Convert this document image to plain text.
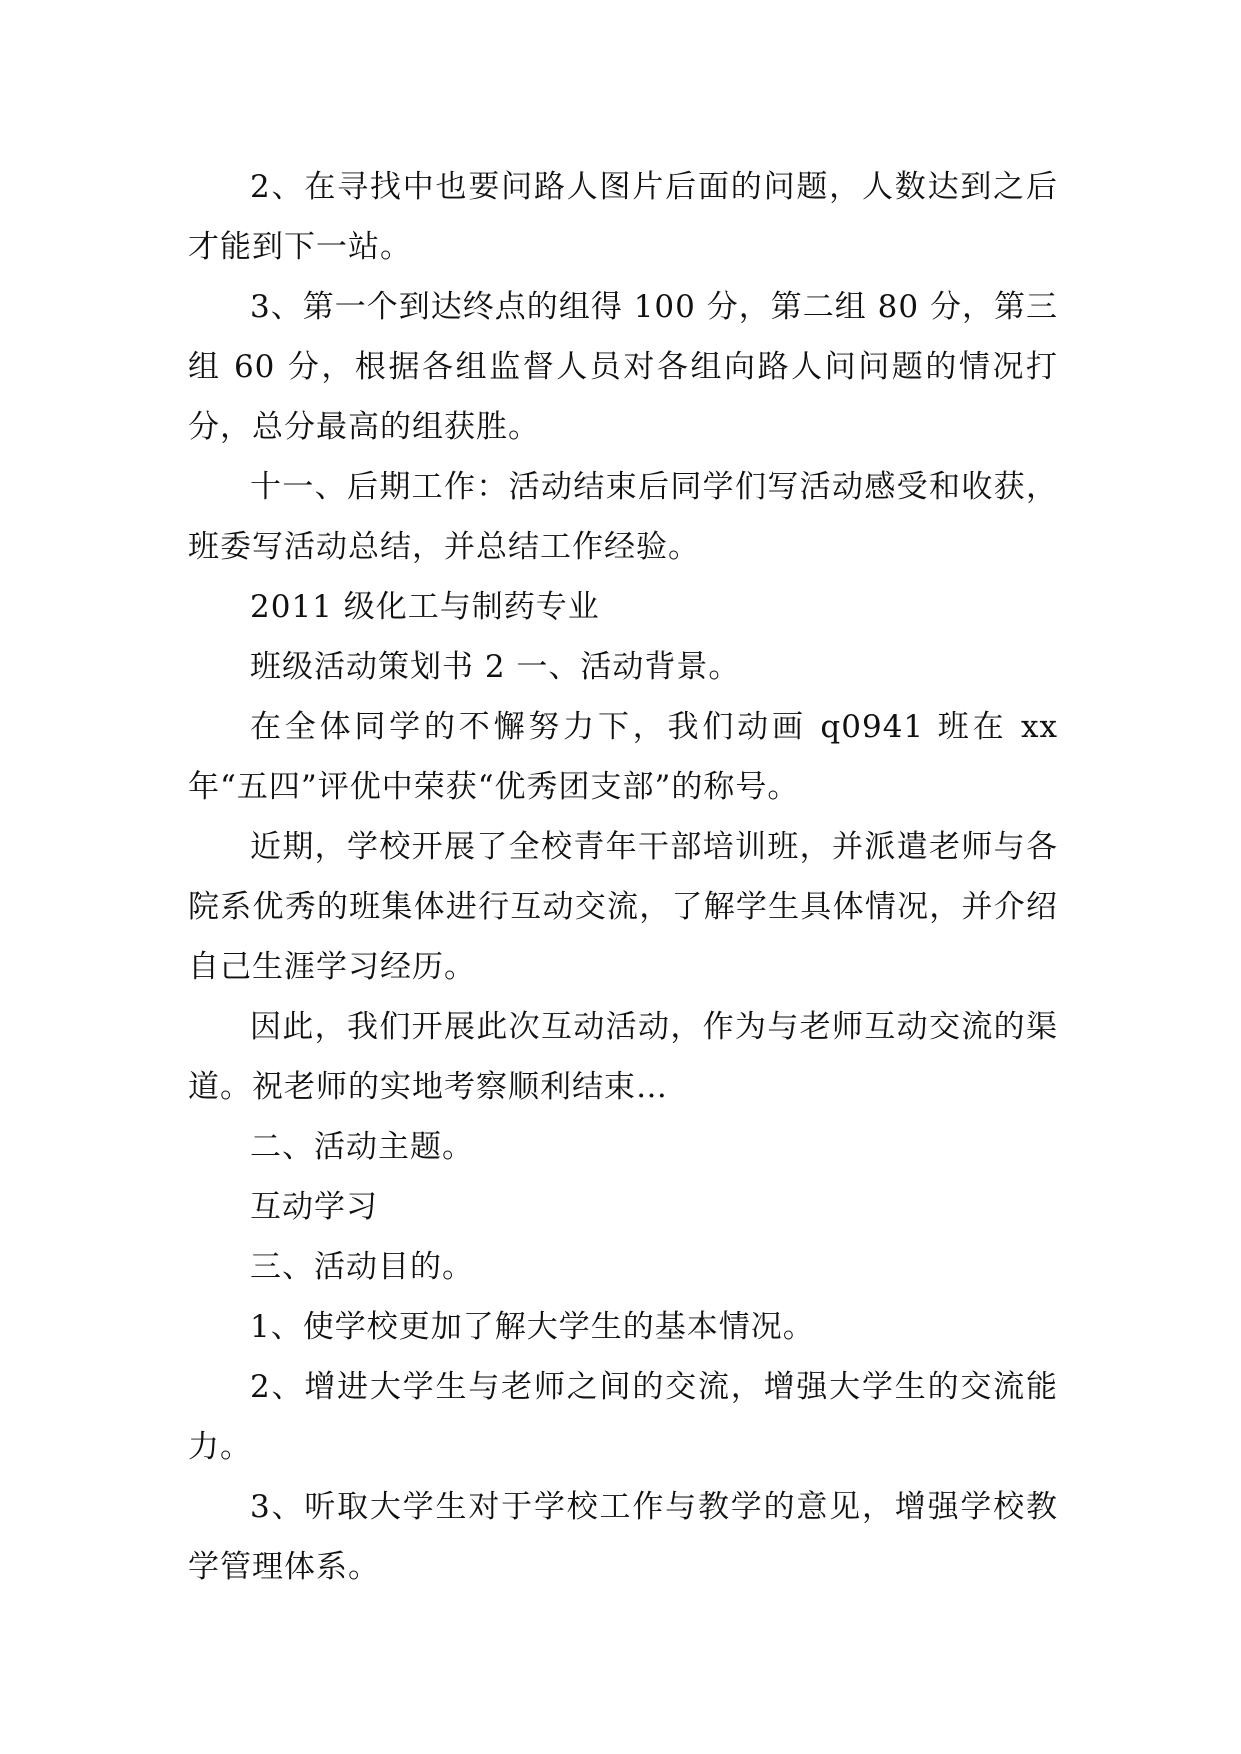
2、在寻找中也要问路人图片后面的问题，人数达到之后才能到下一站。

3、第一个到达终点的组得 100 分，第二组 80 分，第三组 60 分，根据各组监督人员对各组向路人问问题的情况打分，总分最高的组获胜。

十一、后期工作：活动结束后同学们写活动感受和收获，班委写活动总结，并总结工作经验。

2011 级化工与制药专业

班级活动策划书 2 一、活动背景。

在全体同学的不懈努力下，我们动画 q0941 班在 xx 年“五四”评优中荣获“优秀团支部”的称号。

近期，学校开展了全校青年干部培训班，并派遣老师与各院系优秀的班集体进行互动交流，了解学生具体情况，并介绍自己生涯学习经历。

因此，我们开展此次互动活动，作为与老师互动交流的渠道。祝老师的实地考察顺利结束…

二、活动主题。

互动学习

三、活动目的。

1、使学校更加了解大学生的基本情况。

2、增进大学生与老师之间的交流，增强大学生的交流能力。

3、听取大学生对于学校工作与教学的意见，增强学校教学管理体系。
